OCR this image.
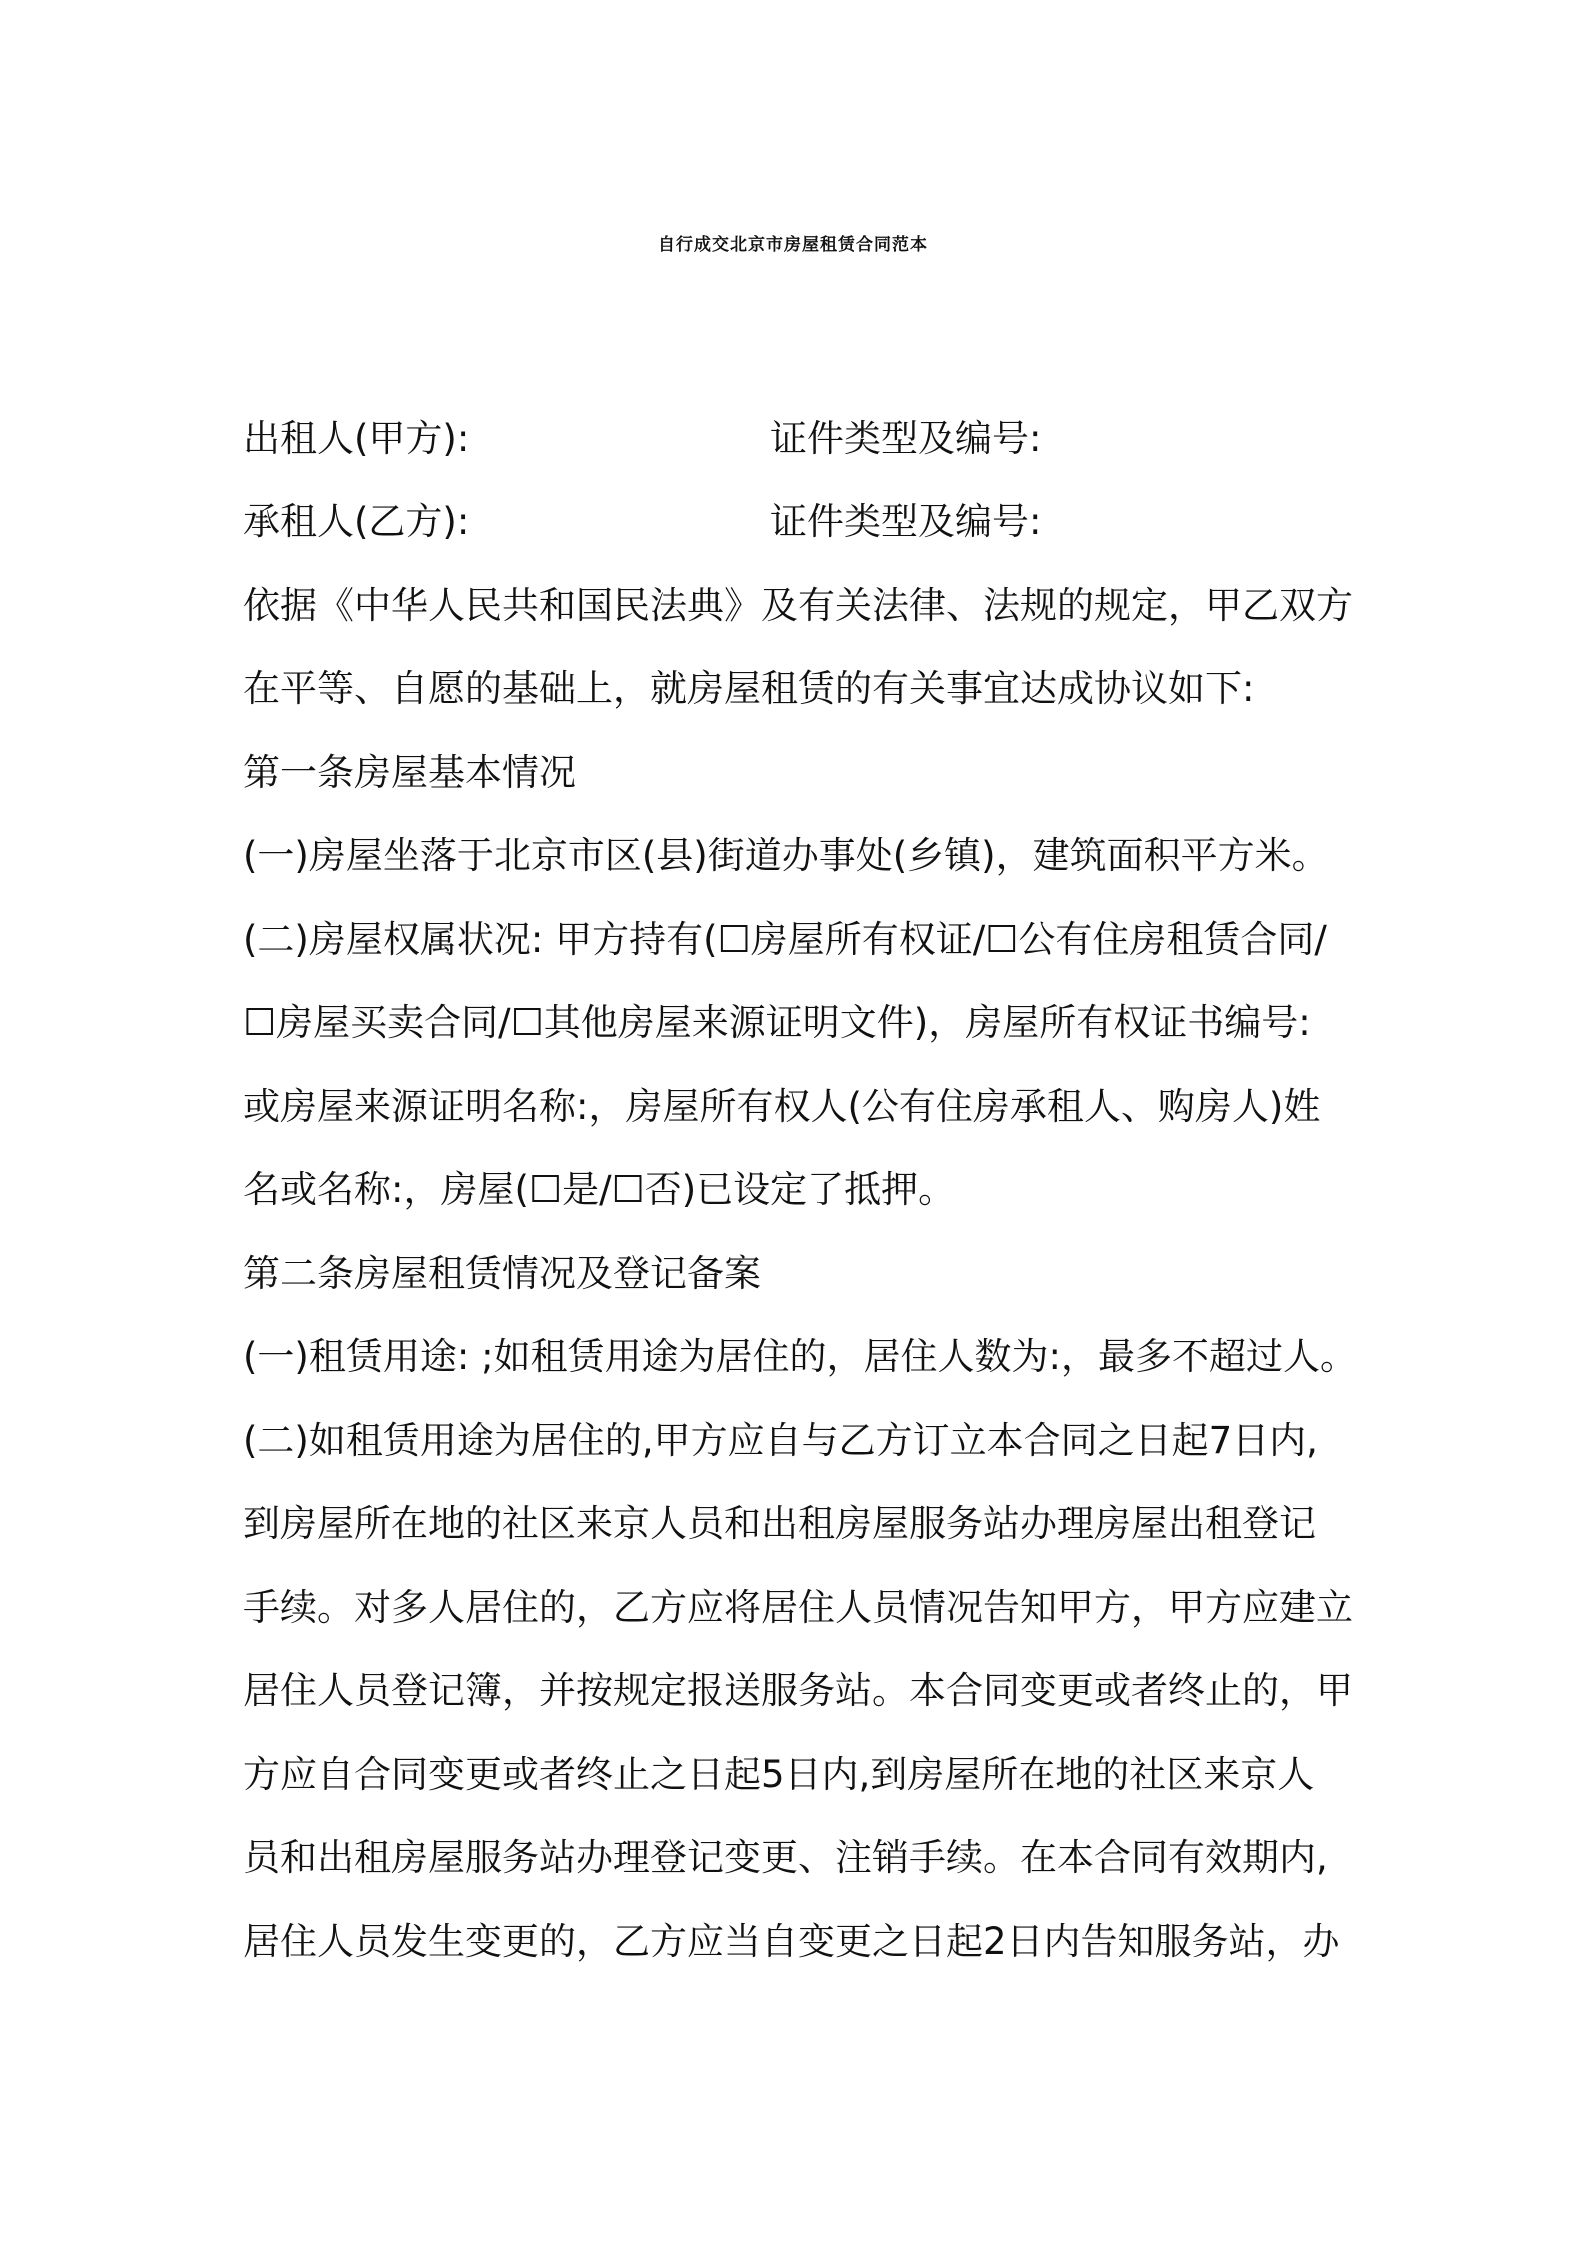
自行成交北京市房屋租赁合同范本
出租人(甲方):	证件类型及编号:
承租人(乙方):	证件类型及编号:
依据《中华人民共和国民法典》及有关法律、法规的规定，甲乙双方
在平等、自愿的基础上，就房屋租赁的有关事宜达成协议如下:
第一条房屋基本情况
(一)房屋坐落于北京市区(县)街道办事处(乡镇)，建筑面积平方米。
(二)房屋权属状况: 甲方持有(☐房屋所有权证/☐公有住房租赁合同/
☐房屋买卖合同/☐其他房屋来源证明文件)，房屋所有权证书编号:
或房屋来源证明名称:，房屋所有权人(公有住房承租人、购房人)姓
名或名称:，房屋(☐是/☐否)已设定了抵押。
第二条房屋租赁情况及登记备案
(一)租赁用途: ;如租赁用途为居住的，居住人数为:，最多不超过人。
(二)如租赁用途为居住的,甲方应自与乙方订立本合同之日起7日内,
到房屋所在地的社区来京人员和出租房屋服务站办理房屋出租登记
手续。对多人居住的，乙方应将居住人员情况告知甲方，甲方应建立
居住人员登记簿，并按规定报送服务站。本合同变更或者终止的，甲
方应自合同变更或者终止之日起5日内,到房屋所在地的社区来京人
员和出租房屋服务站办理登记变更、注销手续。在本合同有效期内,
居住人员发生变更的，乙方应当自变更之日起2日内告知服务站，办
